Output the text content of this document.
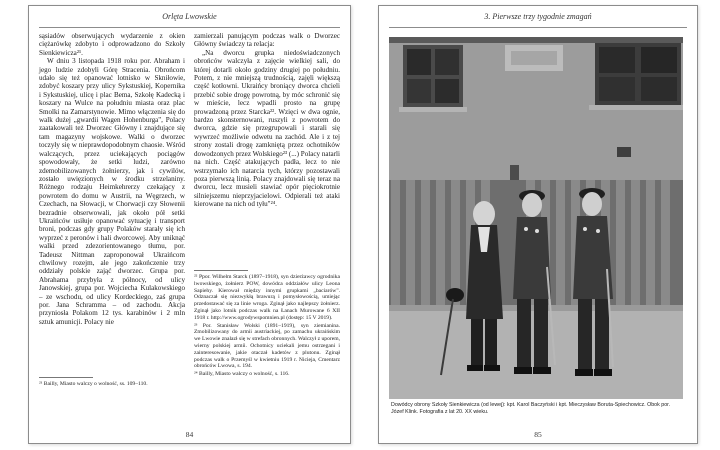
Orlęta Lwowskie

sąsiadów obserwujących wydarzenie z okien ciężarówkę zdobyto i odprowadzono do Szkoły Sienkiewicza²¹.

W dniu 3 listopada 1918 roku por. Abraham i jego ludzie zdobyli Górę Stracenia. Obrońcom udało się też opanować lotnisko w Skniłowie, zdobyć koszary przy ulicy Sykstuskiej, Kopernika i Sykstuskiej, ulicę i plac Bema, Szkołę Kadecką i koszary na Wulce na południu miasta oraz plac Smolki na Zamarstynowie. Mimo włączenia się do walk dużej „gwardii Wagen Hohenburga", Polacy zaatakowali też Dworzec Główny i znajdujące się tam magazyny wojskowe. Walki o dworzec toczyły się w nieprawdopodobnym chaosie. Wśród walczących, przez uciekających pociągów spowodowały, że setki ludzi, zarówno zdemobilizowanych żołnierzy, jak i cywilów, zostało uwięzionych w środku strzelaniny. Różnego rodzaju Heimkehrerzy czekający z powrotem do domu w Austrii, na Węgrzech, w Czechach, na Słowacji, w Chorwacji czy Słowenii bezradnie obserwowali, jak około pół setki Ukraińców usiłuje opanować sytuację i transport broni, podczas gdy grupy Polaków starały się ich wyprzeć z peronów i hali dworcowej. Aby uniknąć walki przed zdezorientowanego tłumu, por. Tadeusz Nittman zaproponował Ukraińcom chwilowy rozejm, ale jego zakończenie trzy oddziały polskie zająć dworzec. Grupa por. Abrahama przybyła z północy, od ulicy Janowskiej, grupa por. Wojciecha Kulakowskiego – ze wschodu, od ulicy Kordeckiego, zaś grupa por. Jana Schramma – od zachodu. Akcja przyniosła Polakom 12 tys. karabinów i 2 mln sztuk amunicji. Polacy nie

²¹ Bailly, Miasto walczy o wolność, ss. 109–110.

zamierzali panującym podczas walk o Dworzec Główny świadczy ta relacja:

„Na dworcu grupka niedoświadczonych obrońców walczyła z zajęcie wielkiej sali, do której dotarli około godziny drugiej po południu. Potem, z nie mniejszą trudnością, zajęli większą część kotłowni. Ukraińcy broniący dworca chcieli przebić sobie drogę powrotną, by móc schronić się w mieście, lecz wpadli prosto na grupę prowadzoną przez Starcka²². Wzięci w dwa ognie, bardzo skonsternowani, ruszyli z powrotem do dworca, gdzie się przegrupowali i starali się wywrzeć możliwie odwetu na zachód. Ale i z tej strony zostali drogę zamkniętą przez ochotników dowodzonych przez Wolskiego²³ (...) Polacy natarli na nich. Część atakujących padła, lecz to nie wstrzymało ich natarcia tych, którzy pozostawali poza pierwszą linią. Polacy znajdowali się teraz na dworcu, lecz musieli stawiać opór pięciokrotnie silniejszemu nieprzyjacielowi. Odpierali też ataki kierowane na nich od tyłu"²⁴.

²² Ppor. Wilhelm Starck (1897–1918), syn dzierżawcy ogrodnika lwowskiego, żołnierz POW, dowódca oddziałów ulicy Leona Sapiehy. Kierował między innymi grupkami „baciarów". Odznaczał się niezwykłą brawurą i pomysłowością, umiejąc przedostawać się za linie wroga. Zginął jako najlepszy żołnierz. Zginął jako lotnik podczas walk na Łanach Murowane 6 XII 1918 r. http://www.ogrodywspomnien.pl (dostęp: 15 V 2019).

²³ Por. Stanisław Wolski (1891–1919), syn ziemianina. Zmobilizowany do armii austriackiej, po zamachu ukraińskim we Lwowie znalazł się w strefach obronnych. Walczył z uporem, wierny polskiej armii. Ochotnicy uciekali jemu ostrzegani i zainteresowanie, jakie otaczał kadetów z plutonu. Zginął podczas walk o Przemyśl w kwietniu 1919 r. Niciejа, Cmentarz obrońców Lwowa, s. 194.

²⁴ Bailly, Miasto walczy o wolność, s. 116.

84
3. Pierwsze trzy tygodnie zmagań
Dowódcy obrony Szkoły Sienkiewicza (od lewej): kpt. Karol Baczyński i kpt. Mieczysław Boruta-Spiechowicz. Obok por. Józef Klink. Fotografia z lat 20. XX wieku.
85
